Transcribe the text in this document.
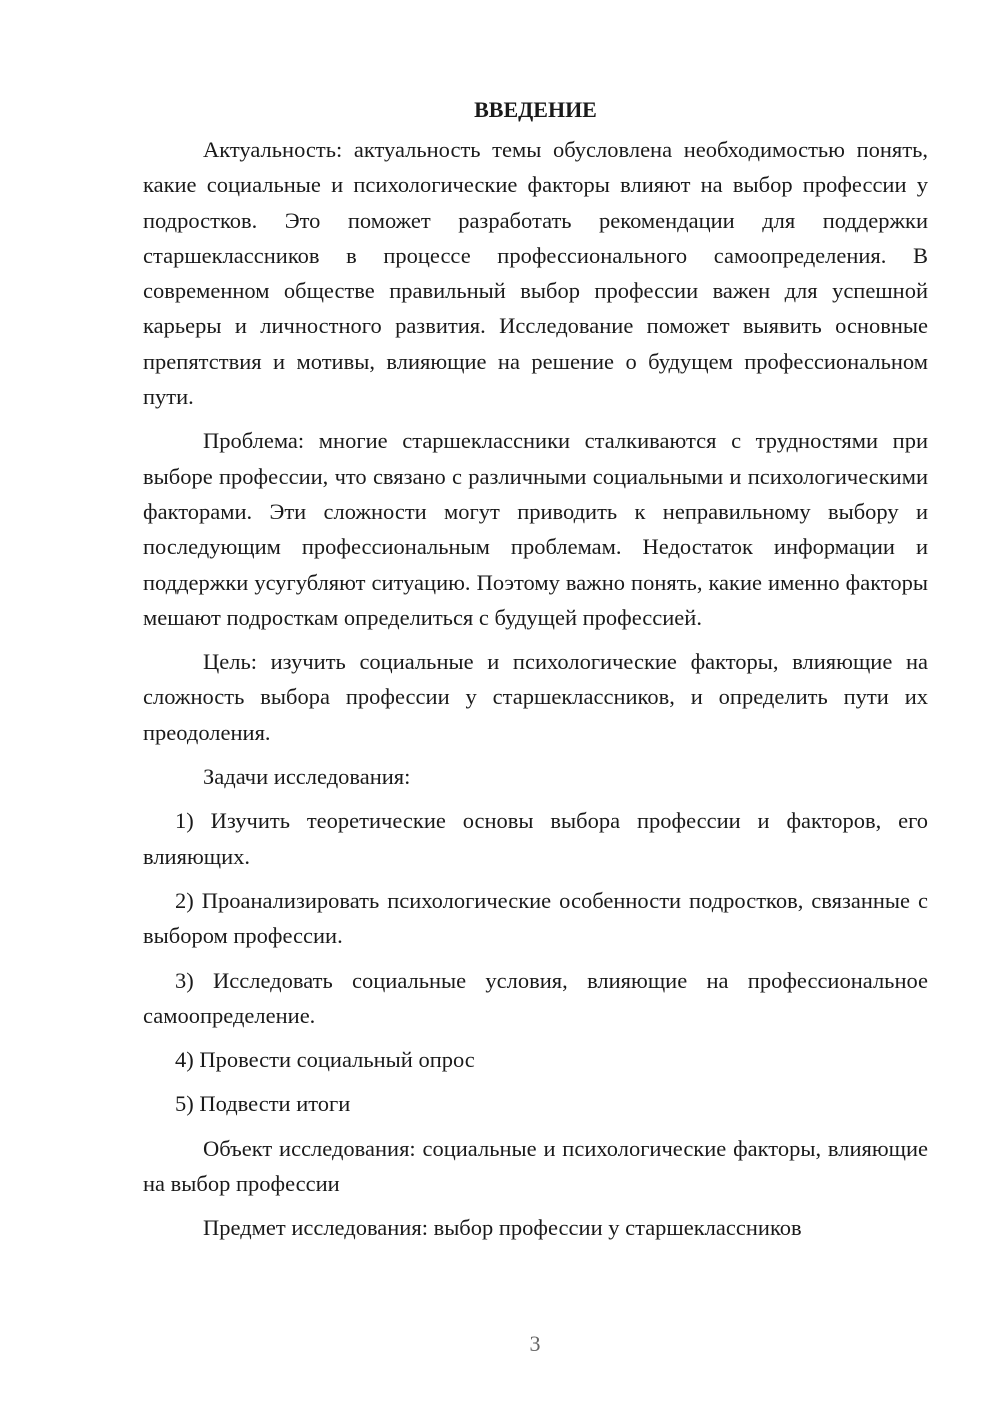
ВВЕДЕНИЕ

Актуальность: актуальность темы обусловлена необходимостью понять, какие социальные и психологические факторы влияют на выбор профессии у подростков. Это поможет разработать рекомендации для поддержки старшеклассников в процессе профессионального самоопределения. В современном обществе правильный выбор профессии важен для успешной карьеры и личностного развития. Исследование поможет выявить основные препятствия и мотивы, влияющие на решение о будущем профессиональном пути.

Проблема: многие старшеклассники сталкиваются с трудностями при выборе профессии, что связано с различными социальными и психологическими факторами. Эти сложности могут приводить к неправильному выбору и последующим профессиональным проблемам. Недостаток информации и поддержки усугубляют ситуацию. Поэтому важно понять, какие именно факторы мешают подросткам определиться с будущей профессией.

Цель: изучить социальные и психологические факторы, влияющие на сложность выбора профессии у старшеклассников, и определить пути их преодоления.

Задачи исследования:

1) Изучить теоретические основы выбора профессии и факторов, его влияющих.

2) Проанализировать психологические особенности подростков, связанные с выбором профессии.

3) Исследовать социальные условия, влияющие на профессиональное самоопределение.

4) Провести социальный опрос

5) Подвести итоги

Объект исследования: социальные и психологические факторы, влияющие на выбор профессии

Предмет исследования: выбор профессии у старшеклассников

3
